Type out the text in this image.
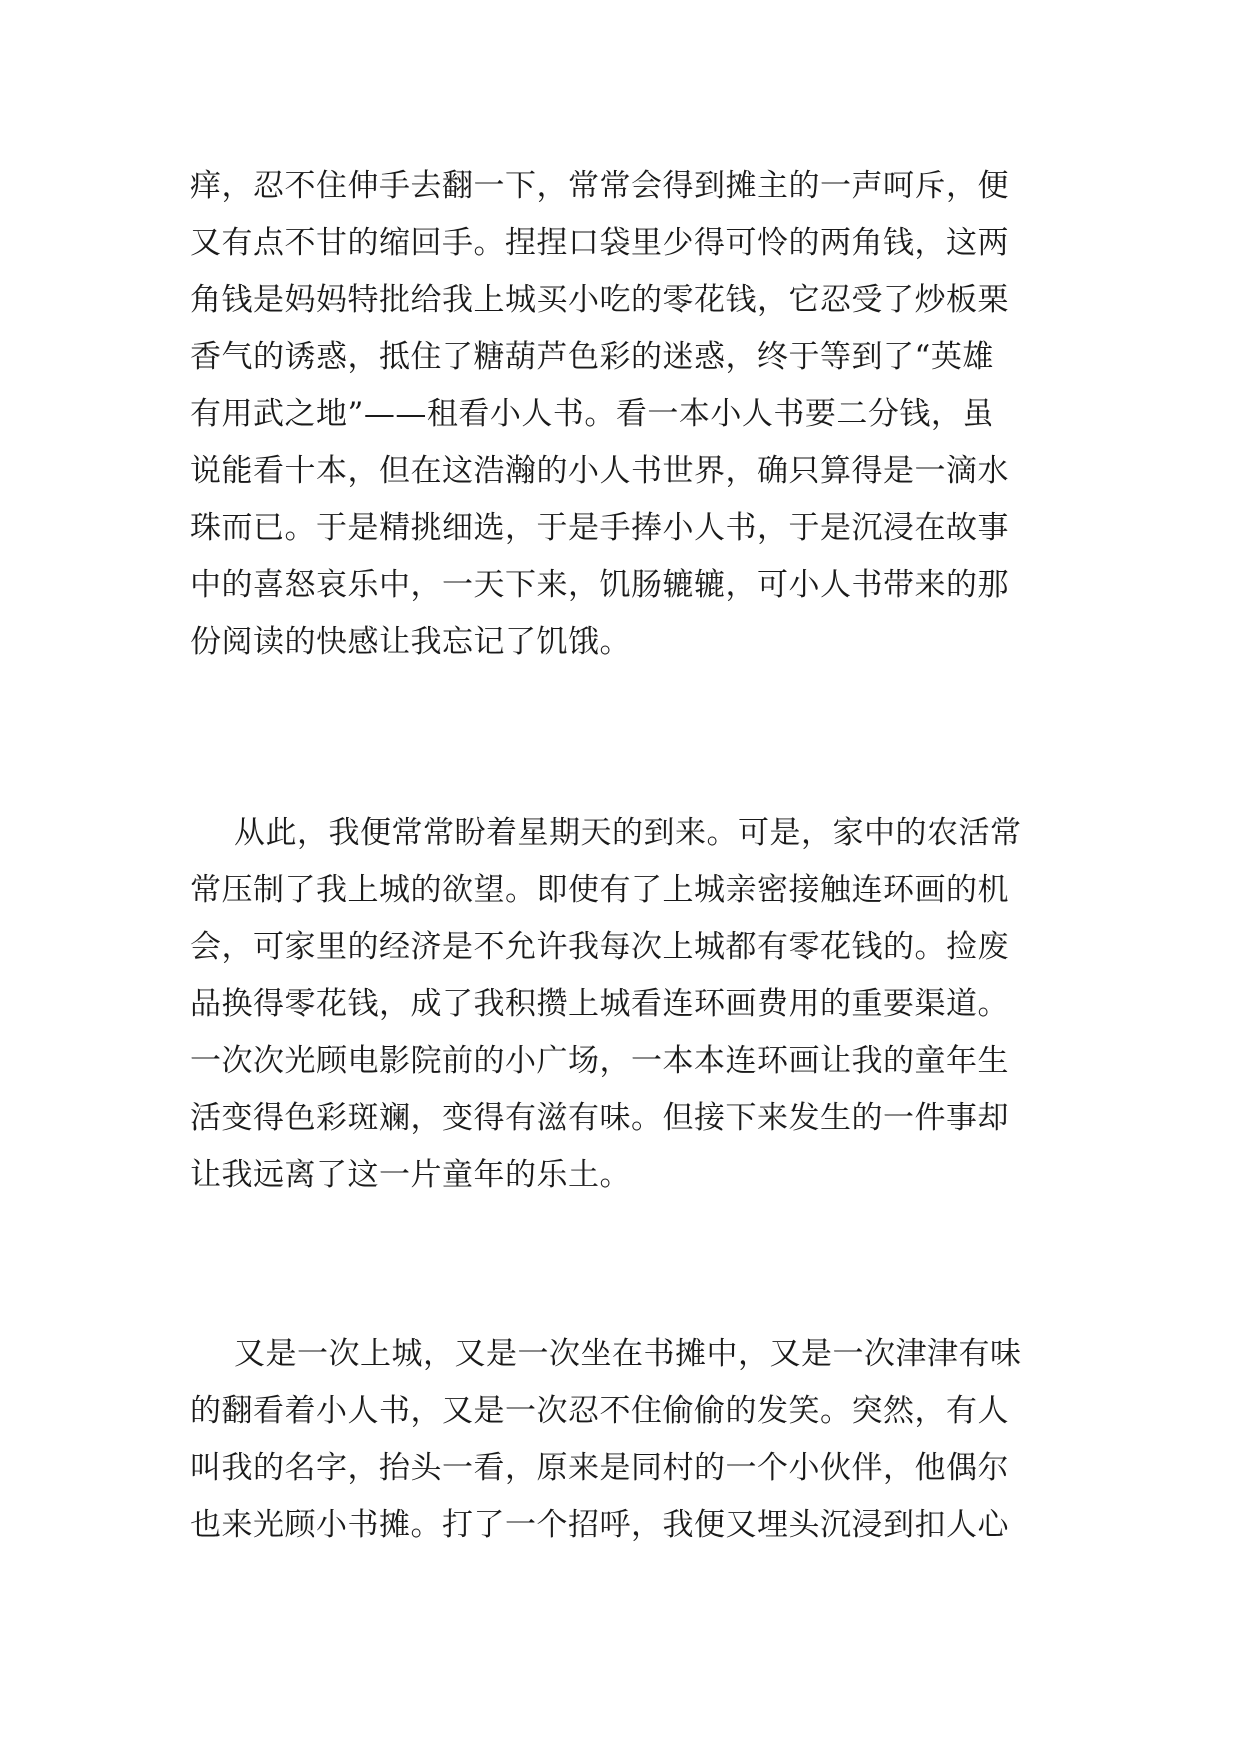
痒，忍不住伸手去翻一下，常常会得到摊主的一声呵斥，便
又有点不甘的缩回手。捏捏口袋里少得可怜的两角钱，这两
角钱是妈妈特批给我上城买小吃的零花钱，它忍受了炒板栗
香气的诱惑，抵住了糖葫芦色彩的迷惑，终于等到了“英雄
有用武之地”——租看小人书。看一本小人书要二分钱，虽
说能看十本，但在这浩瀚的小人书世界，确只算得是一滴水
珠而已。于是精挑细选，于是手捧小人书，于是沉浸在故事
中的喜怒哀乐中，一天下来，饥肠辘辘，可小人书带来的那
份阅读的快感让我忘记了饥饿。

从此，我便常常盼着星期天的到来。可是，家中的农活常
常压制了我上城的欲望。即使有了上城亲密接触连环画的机
会，可家里的经济是不允许我每次上城都有零花钱的。捡废
品换得零花钱，成了我积攒上城看连环画费用的重要渠道。
一次次光顾电影院前的小广场，一本本连环画让我的童年生
活变得色彩斑斓，变得有滋有味。但接下来发生的一件事却
让我远离了这一片童年的乐土。

又是一次上城，又是一次坐在书摊中，又是一次津津有味
的翻看着小人书，又是一次忍不住偷偷的发笑。突然，有人
叫我的名字，抬头一看，原来是同村的一个小伙伴，他偶尔
也来光顾小书摊。打了一个招呼，我便又埋头沉浸到扣人心
